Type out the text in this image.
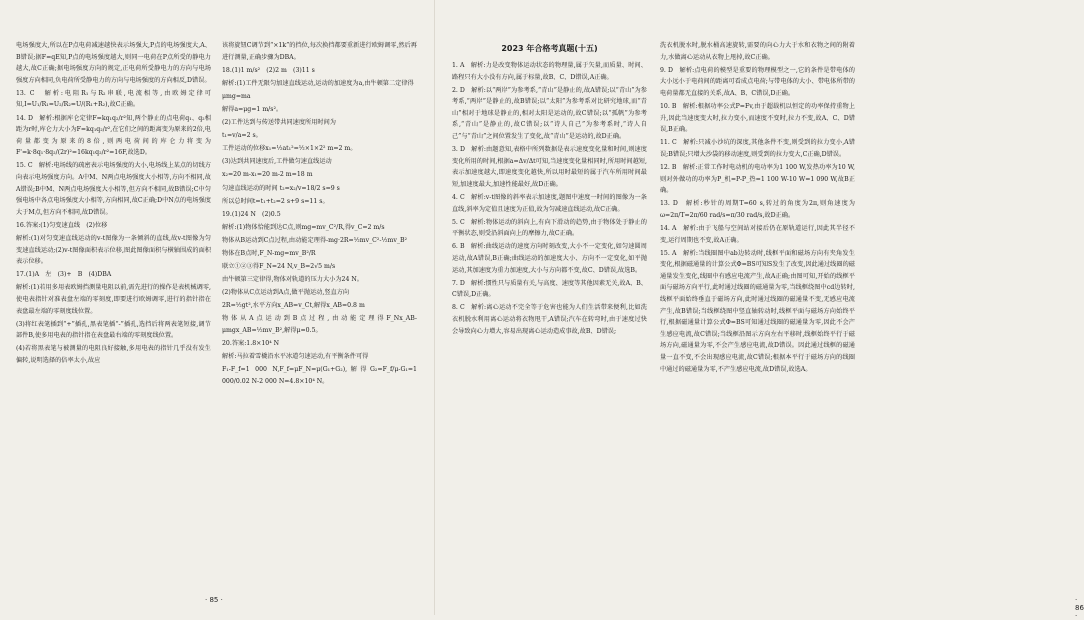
电场强度大,所以在P点电荷减速越快表示场强大,P点的电场强度大,A、B错误;据F=qE知,P点的电场强度越大,则同一电荷在P点所受的静电力越大,故C正确;据电场强度方向的规定,正电荷所受静电力的方向与电场强度方向相同,负电荷所受静电力的方向与电场强度的方向相反,D错误。

13. C　解析:电阻R₁与R₂串联,电流相等,由欧姆定律可知,I=U₁/R₁=U₂/R₂=U/(R₁+R₂),故C正确。

14. D　解析:根据库仑定律F=kq₁q₂/r²知,两个静止的点电荷q₁、q₂相距为r时,库仑力大小为F=kq₁q₂/r²,在它们之间的距离变为原来的2倍,电荷量都变为原来的8倍,则两电荷间的库仑力将变为F'=k·8q₁·8q₂/(2r)²=16kq₁q₂/r²=16F,故选D。

15. C　解析:电场线的疏密表示电场强度的大小,电场线上某点的切线方向表示电场强度方向。A中M、N两点电场强度大小相等,方向不相同,故A错误;B中M、N两点电场强度大小相等,但方向不相同,故B错误;C中匀强电场中各点电场强度大小相等,方向相同,故C正确;D中N点的电场强度大于M点,但方向不相同,故D错误。

16.答案:(1)匀变速直线　(2)位移

解析:(1)对匀变速直线运动的v-t图像为一条倾斜的直线,故v-t图像为匀变速直线运动;(2)v-t图像面积表示位移,图此图像面积与横轴围成的面积表示位移。

17.(1)A　左　(3)+　B　(4)DBA

解析:(1)若用多用表欧姆挡测量电阻以前,需先进行的操作是表机械调零,使电表指针对准表盘左端的零刻度,即要进行欧姆调零,进行的指针指在表盘最左端的零刻度线位置。

(3)将红表笔插到“+”插孔,黑表笔插“-”插孔,选挡后将两表笔短接,调节部件B,使多用电表的指针指在表盘最右端的零刻度线位置。

(4)若将黑表笔与被测量的电阻良好接触,多用电表的指针几乎没有发生偏转,说明选择的倍率太小,故应

该将旋钮C调节到“×1k”的挡位,每次换挡都要重新进行欧姆调零,然后再进行测量,正确步骤为DBA。

18.(1)1 m/s²　(2)2 m　(3)11 s

解析:(1)工件无限匀加速直线运动,运动的加速度为a,由牛顿第二定律得

μmg=ma

解得a=μg=1 m/s²。

(2)工件达到与传送带共同速度所用时间为

t₁=v/a=2 s。

工件运动的位移x₁=½at₁²=½×1×2² m=2 m。

(3)达到共同速度后,工件做匀速直线运动

x₂=20 m-x₁=20 m-2 m=18 m

匀速直线运动的时间 t₂=x₂/v=18/2 s=9 s

所以总时间t=t₁+t₂=2 s+9 s=11 s。

19.(1)24 N　(2)0.5

解析:(1)物体恰能到达C点,则mg=mv_C²/R,得v_C=2 m/s

物体从B运动到C点过程,由动能定理得-mg·2R=½mv_C²-½mv_B²

物体在B点时,F_N-mg=mv_B²/R

联立①②③得F_N=24 N,v_B=2√5 m/s

由牛顿第三定律得,物体对轨道的压力大小为24 N。

(2)物体从C点运动到A点,做平抛运动,竖直方向

2R=½gt²,水平方向x_AB=v_Ct,解得x_AB=0.8 m

物体从A点运动到B点过程,由动能定理得F_Nx_AB-μmgx_AB=½mv_B²,解得μ=0.5。

20.答案:1.8×10⁴ N

解析:马拉着雪橇沿水平冰道匀速运动,有平衡条件可得

F₁-F_f=1 000 N,F_f=μF_N=μ(G₁+G₂),解得G₂=F_f/μ-G₁=1 000/0.02 N-2 000 N=4.8×10⁴ N。

· 85 ·	· 86 ·
2023 年合格考真题(十五)

1. A　解析:力是改变物体运动状态的物理量,属于矢量,而质量、时间、路程只有大小没有方向,属于标量,故B、C、D错误,A正确。

2. D　解析:以“两岸”为参考系,“青山”是静止的,故A错误;以“青山”为参考系,“两岸”是静止的,故B错误;以“太阳”为参考系对比研究地球,而“青山”相对于地球是静止的,相对太阳是运动的,故C错误;以“孤帆”为参考系,“青山”是静止的,故C错误;以“诗人自己”为参考系时,“诗人自己”与“青山”之间位置发生了变化,故“青山”是运动的,故D正确。

3. D　解析:由题意知,表格中所列数据是表示速度变化量和时间,则速度变化所用的时间,根据a=Δv/Δt可知,当速度变化量相同时,所用时间越短,表示加速度越大,即速度变化越快,所以用时最短的属于汽车所用时间最短,加速度最大,加速性能最好,故D正确。

4. C　解析:v-t图像的斜率表示加速度,题图中速度一时间的图像为一条直线,斜率为定值且速度为正值,故为匀减速直线运动,故C正确。

5. C　解析:物体运动的斜向上,有向下滑动的趋势,由于物体处于静止的平衡状态,则受沿斜面向上的摩擦力,故C正确。

6. B　解析:曲线运动的速度方向时刻改变,大小不一定变化,如匀速圆周运动,故A错误,B正确;曲线运动的加速度大小、方向不一定变化,如平抛运动,其加速度为重力加速度,大小与方向都不变,故C、D错误,故选B。

7. D　解析:惯性只与质量有关,与高度、速度等其他因素无关,故A、B、C错误,D正确。

8. C　解析:离心运动不完全等于危害也能为人们生活带来便利,比如洗衣机脱水利用离心运动将衣物甩干,A错误;汽车在转弯时,由于速度过快会导致向心力增大,容易出现离心运动造成事故,故B、D错误;

洗衣机脱水时,脱水桶高速旋转,需要的向心力大于水和衣物之间的附着力,水做离心运动从衣物上甩掉,故C正确。

9. D　解析:点电荷的模型是重要的物理模型之一,它的条件是带电体的大小远小于电荷间的距离可看成点电荷;与带电体的大小、带电体所带的电荷量都无直接的关系,故A、B、C错误,D正确。

10. B　解析:根据功率公式P=Fv,由于超载机以恒定的功率保持重物上升,因此当速度变大时,拉力变小,而速度不变时,拉力不变,故A、C、D错误,B正确。

11. C　解析:只减小沙坑的深度,其他条件不变,则受到的拉力变小,A错误;B错误;只增大沙袋的移动速度,则受到的拉力变大,C正确,D错误。

12. B　解析:正常工作时电动机的电功率为1 100 W,发热功率为10 W,则对外做功的功率为P_机=P-P_热=1 100 W-10 W=1 090 W,故B正确。

13. D　解析:秒针的周期T=60 s,转过的角度为2π,则角速度为ω=2π/T=2π/60 rad/s=π/30 rad/s,故D正确。

14. A　解析:由于飞船与空间站对接后仍在原轨道运行,因此其半径不变,运行周期也不变,故A正确。

15. A　解析:当线圈图中ab边转动时,线框平面和磁场方向有夹角发生变化,根据磁通量的计算公式Φ=BS可知S发生了改变,因此通过线圈的磁通量发生变化,线圈中有感应电流产生,故A正确;由图可知,开始的线框平面与磁场方向平行,此时通过线圈的磁通量为零,当线框绕图中cd边转时,线框平面始终垂直于磁场方向,此时通过线圈的磁通量不变,无感应电流产生,故B错误;当线框绕图中竖直轴转动时,线框平面与磁场方向始终平行,根据磁通量计算公式Φ=BS可知通过线圈的磁通量为零,因此不会产生感应电流,故C错误;当线框沿图示方向左右平移时,线框始终平行于磁场方向,磁通量为零,不会产生感应电流,故D错误。因此通过线框的磁通量一直不变,不会出现感应电流,故C错误;根据本平行于磁场方向的线圈中通过的磁通量为零,不产生感应电流,故D错误,故选A。
